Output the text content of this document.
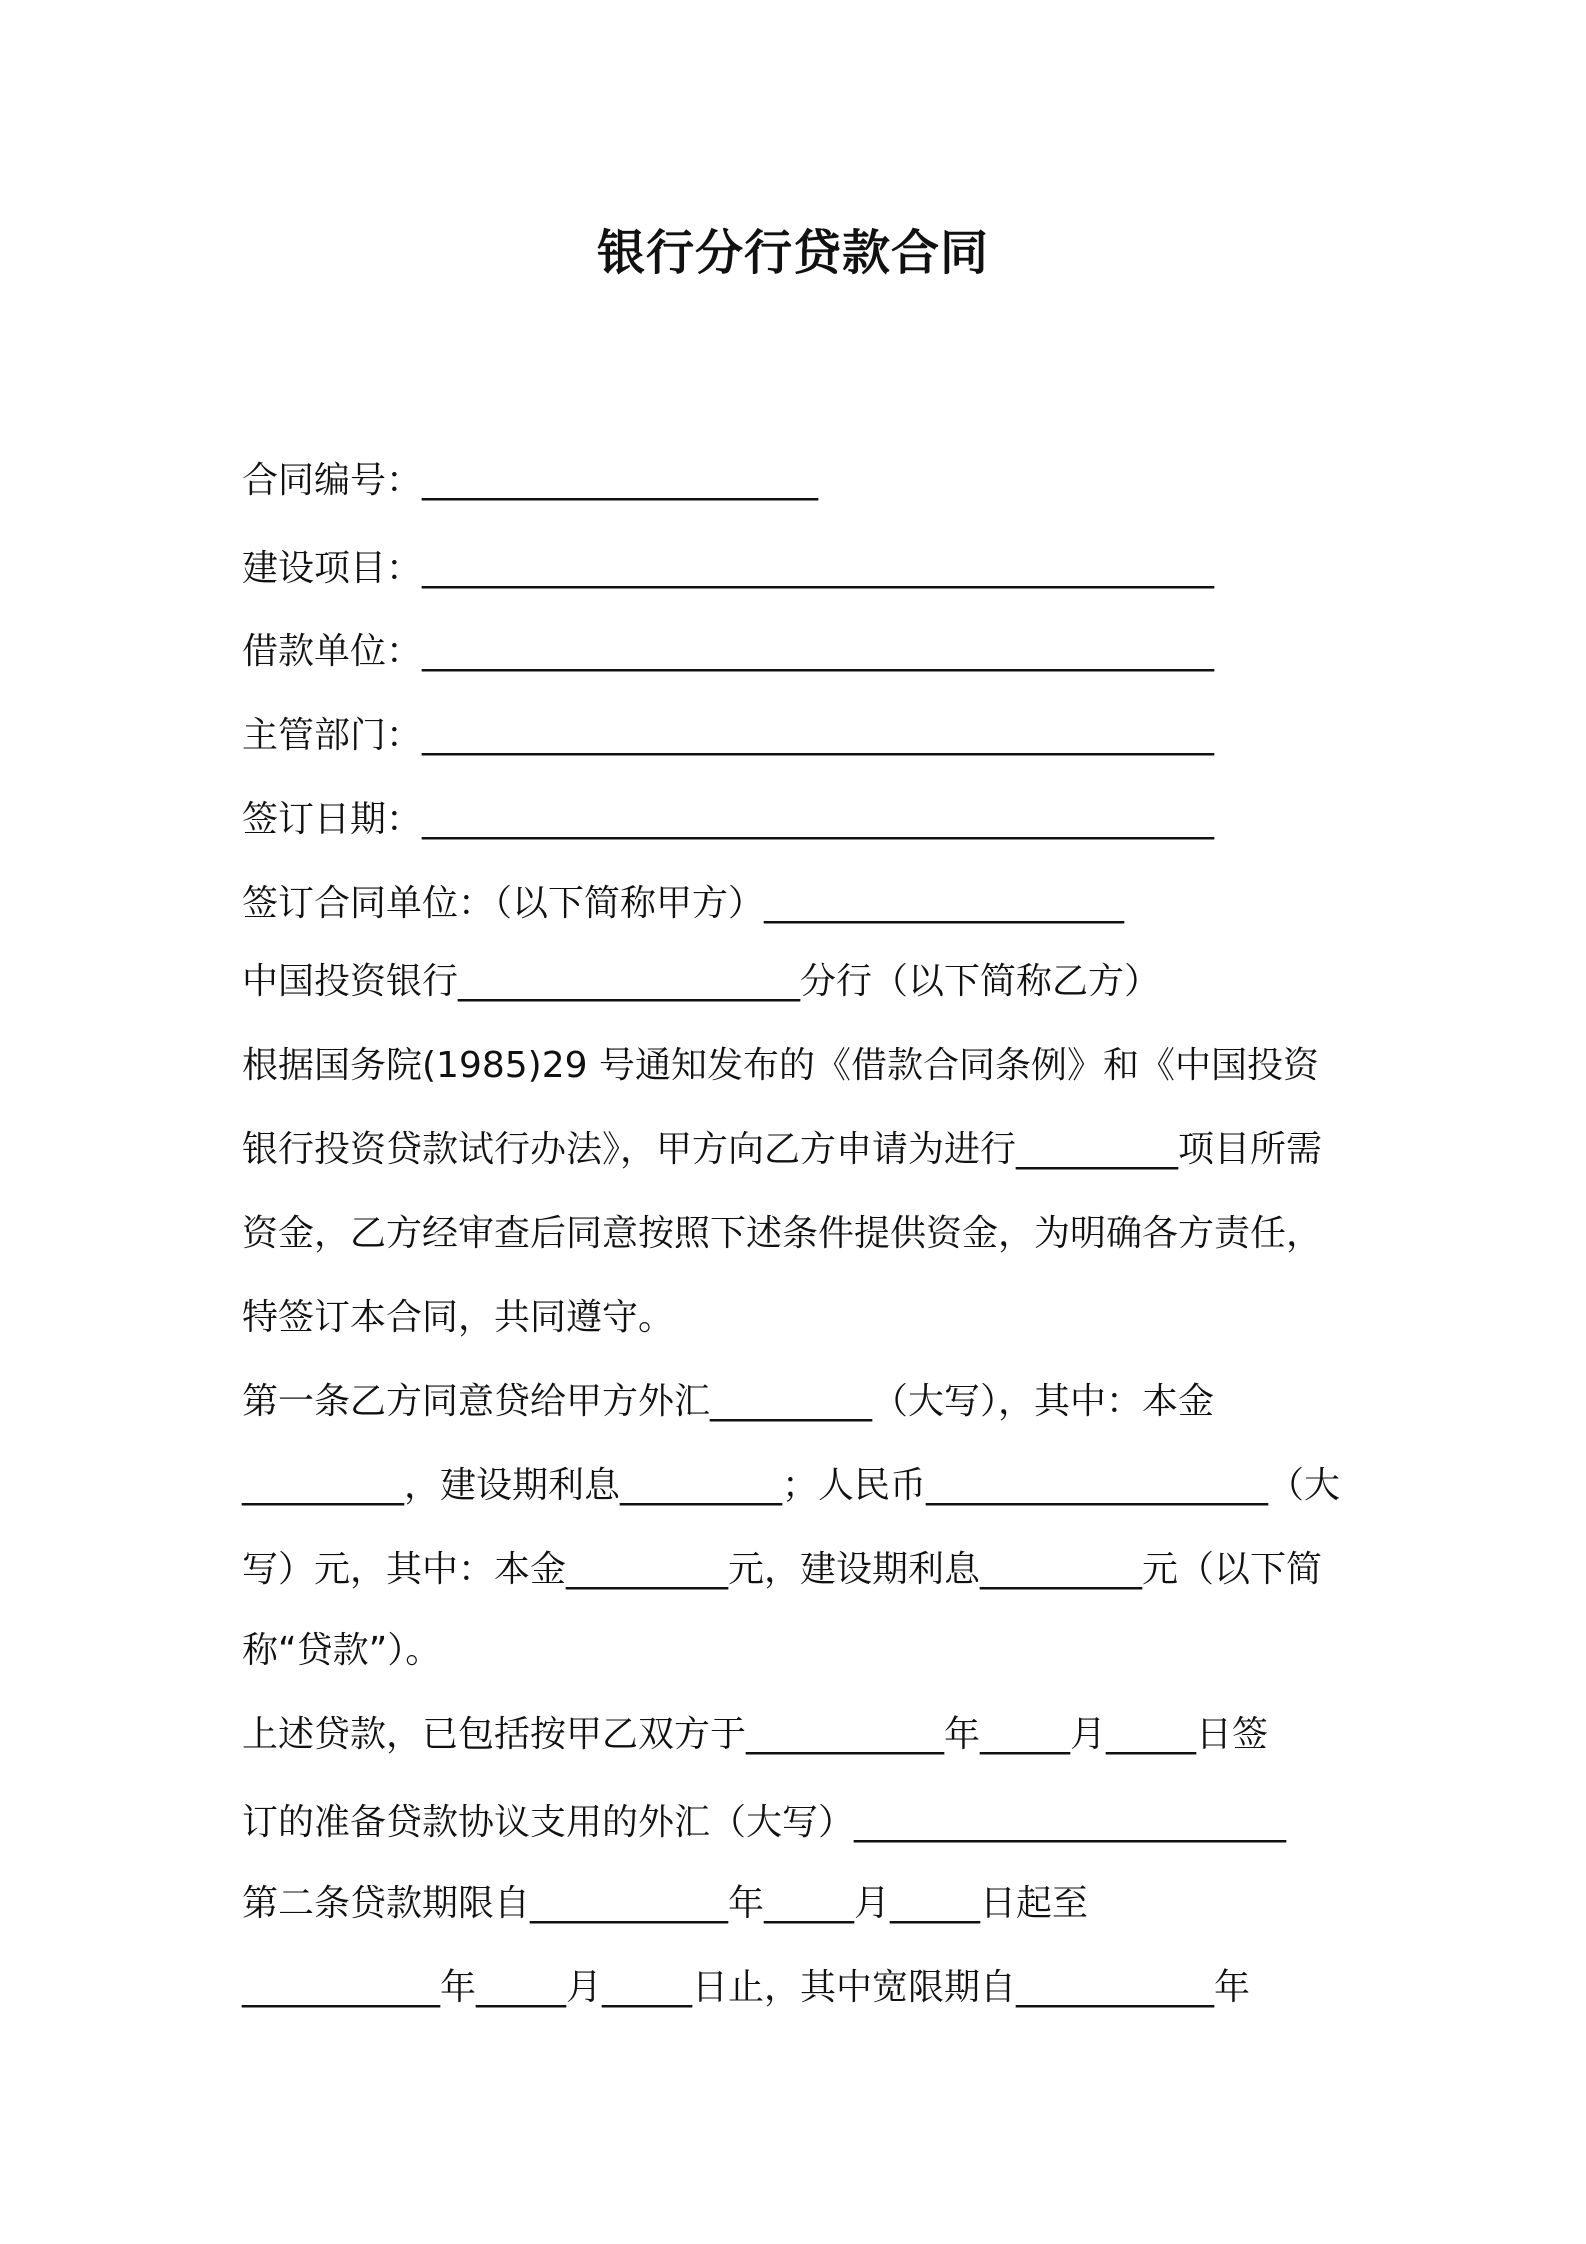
银行分行贷款合同
合同编号：______________________
建设项目：____________________________________________
借款单位：____________________________________________
主管部门：____________________________________________
签订日期：____________________________________________
签订合同单位：（以下简称甲方）____________________
中国投资银行___________________分行（以下简称乙方）
根据国务院(1985)29 号通知发布的《借款合同条例》和《中国投资
银行投资贷款试行办法》，甲方向乙方申请为进行_________项目所需
资金，乙方经审查后同意按照下述条件提供资金，为明确各方责任，
特签订本合同，共同遵守。
第一条乙方同意贷给甲方外汇_________（大写），其中：本金
_________，建设期利息_________；人民币___________________（大
写）元，其中：本金_________元，建设期利息_________元（以下简
称“贷款”）。
上述贷款，已包括按甲乙双方于___________年_____月_____日签
订的准备贷款协议支用的外汇（大写）________________________
第二条贷款期限自___________年_____月_____日起至
___________年_____月_____日止，其中宽限期自___________年
